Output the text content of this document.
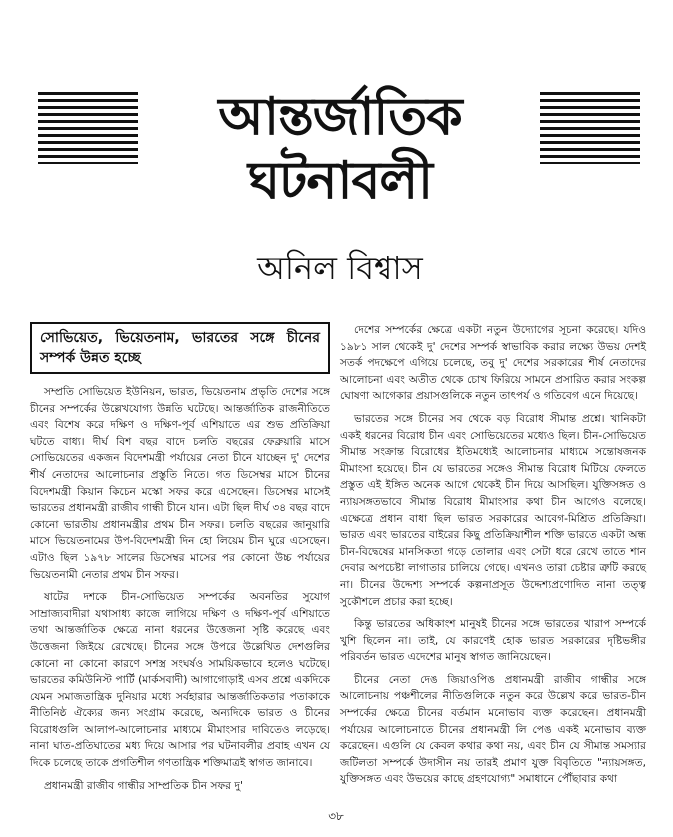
আন্তর্জাতিক
ঘটনাবলী
অনিল বিশ্বাস
সোভিয়েত, ভিয়েতনাম, ভারতের সঙ্গে চীনের সম্পর্ক উন্নত হচ্ছে

সম্প্রতি সোভিয়েত ইউনিয়ন, ভারত, ভিয়েতনাম প্রভৃতি দেশের সঙ্গে চীনের সম্পর্কের উল্লেখযোগ্য উন্নতি ঘটেছে। আন্তর্জাতিক রাজনীতিতে এবং বিশেষ করে দক্ষিণ ও দক্ষিণ-পূর্ব এশিয়াতে এর শুভ প্রতিক্রিয়া ঘটতে বাধ্য। দীর্ঘ বিশ বছর বাদে চলতি বছরের ফেব্রুয়ারি মাসে সোভিয়েতের একজন বিদেশমন্ত্রী পর্যায়ের নেতা চীনে যাচ্ছেন দু' দেশের শীর্ষ নেতাদের আলোচনার প্রস্তুতি নিতে। গত ডিসেম্বর মাসে চীনের বিদেশমন্ত্রী কিয়ান কিচেন মস্কো সফর করে এসেছেন। ডিসেম্বর মাসেই ভারতের প্রধানমন্ত্রী রাজীব গান্ধী চীনে যান। এটা ছিল দীর্ঘ ৩৪ বছর বাদে কোনো ভারতীয় প্রধানমন্ত্রীর প্রথম চীন সফর। চলতি বছরের জানুয়ারি মাসে ভিয়েতনামের উপ-বিদেশমন্ত্রী দিন হো লিয়েম চীন ঘুরে এসেছেন। এটাও ছিল ১৯৭৮ সালের ডিসেম্বর মাসের পর কোনো উচ্চ পর্যায়ের ভিয়েতনামী নেতার প্রথম চীন সফর।

ষাটের দশকে চীন-সোভিয়েত সম্পর্কের অবনতির সুযোগ সাম্রাজ্যবাদীরা যথাসাধ্য কাজে লাগিয়ে দক্ষিণ ও দক্ষিণ-পূর্ব এশিয়াতে তথা আন্তর্জাতিক ক্ষেত্রে নানা ধরনের উত্তেজনা সৃষ্টি করেছে এবং উত্তেজনা জিইয়ে রেখেছে। চীনের সঙ্গে উপরে উল্লেখিত দেশগুলির কোনো না কোনো কারণে সশস্ত্র সংঘর্ষও সাময়িকভাবে হলেও ঘটেছে। ভারতের কমিউনিস্ট পার্টি (মার্কসবাদী) আগাগোড়াই এসব প্রশ্নে একদিকে যেমন সমাজতান্ত্রিক দুনিয়ার মধ্যে সর্বহারার আন্তর্জাতিকতার পতাকাকে নীতিনিষ্ঠ ঐক্যের জন্য সংগ্রাম করেছে, অন্যদিকে ভারত ও চীনের বিরোধগুলি আলাপ-আলোচনার মাধ্যমে মীমাংসার দাবিতেও লড়েছে। নানা ঘাত-প্রতিঘাতের মধ্য দিয়ে আসার পর ঘটনাবলীর প্রবাহ এখন যে দিকে চলেছে তাকে প্রগতিশীল গণতান্ত্রিক শক্তিমাত্রই স্বাগত জানাবে।

প্রধানমন্ত্রী রাজীব গান্ধীর সাম্প্রতিক চীন সফর দু'

দেশের সম্পর্কের ক্ষেত্রে একটা নতুন উদ্যোগের সূচনা করেছে। যদিও ১৯৮১ সাল থেকেই দু' দেশের সম্পর্ক স্বাভাবিক করার লক্ষ্যে উভয় দেশই সতর্ক পদক্ষেপে এগিয়ে চলেছে, তবু দু' দেশের সরকারের শীর্ষ নেতাদের আলোচনা এবং অতীত থেকে চোখ ফিরিয়ে সামনে প্রসারিত করার সংকল্প ঘোষণা আগেকার প্রয়াসগুলিকে নতুন তাৎপর্য ও গতিবেগ এনে দিয়েছে।

ভারতের সঙ্গে চীনের সব থেকে বড় বিরোধ সীমান্ত প্রশ্নে। খানিকটা একই ধরনের বিরোধ চীন এবং সোভিয়েতের মধ্যেও ছিল। চীন-সোভিয়েত সীমান্ত সংক্রান্ত বিরোধের ইতিমধ্যেই আলোচনার মাধ্যমে সন্তোষজনক মীমাংসা হয়েছে। চীন যে ভারতের সঙ্গেও সীমান্ত বিরোধ মিটিয়ে ফেলতে প্রস্তুত এই ইঙ্গিত অনেক আগে থেকেই চীন দিয়ে আসছিল। যুক্তিসঙ্গত ও ন্যায়সঙ্গতভাবে সীমান্ত বিরোধ মীমাংসার কথা চীন আগেও বলেছে। এক্ষেত্রে প্রধান বাধা ছিল ভারত সরকারের আবেগ-মিশ্রিত প্রতিক্রিয়া। ভারত এবং ভারতের বাইরের কিছু প্রতিক্রিয়াশীল শক্তি ভারতে একটা অন্ধ চীন-বিদ্বেষের মানসিকতা গড়ে তোলার এবং সেটা ধরে রেখে তাতে শান দেবার অপচেষ্টা লাগাতার চালিয়ে গেছে। এখনও তারা চেষ্টার ত্রুটি করছে না। চীনের উদ্দেশ্য সম্পর্কে কল্পনাপ্রসূত উদ্দেশ্যপ্রণোদিত নানা তত্ত্ব সুকৌশলে প্রচার করা হচ্ছে।

কিন্তু ভারতের অধিকাংশ মানুষই চীনের সঙ্গে ভারতের খারাপ সম্পর্কে খুশি ছিলেন না। তাই, যে কারণেই হোক ভারত সরকারের দৃষ্টিভঙ্গীর পরিবর্তন ভারত এদেশের মানুষ স্বাগত জানিয়েছেন।

চীনের নেতা দেঙ জিয়াওপিঙ প্রধানমন্ত্রী রাজীব গান্ধীর সঙ্গে আলোচনায় পঞ্চশীলের নীতিগুলিকে নতুন করে উল্লেখ করে ভারত-চীন সম্পর্কের ক্ষেত্রে চীনের বর্তমান মনোভাব ব্যক্ত করেছেন। প্রধানমন্ত্রী পর্যায়ের আলোচনাতে চীনের প্রধানমন্ত্রী লি পেঙ একই মনোভাব ব্যক্ত করেছেন। এগুলি যে কেবল কথার কথা নয়, এবং চীন যে সীমান্ত সমস্যার জটিলতা সম্পর্কে উদাসীন নয় তারই প্রমাণ যুক্ত বিবৃতিতে "ন্যায়সঙ্গত, যুক্তিসঙ্গত এবং উভয়ের কাছে গ্রহণযোগ্য" সমাধানে পৌঁছাবার কথা

৩৮
